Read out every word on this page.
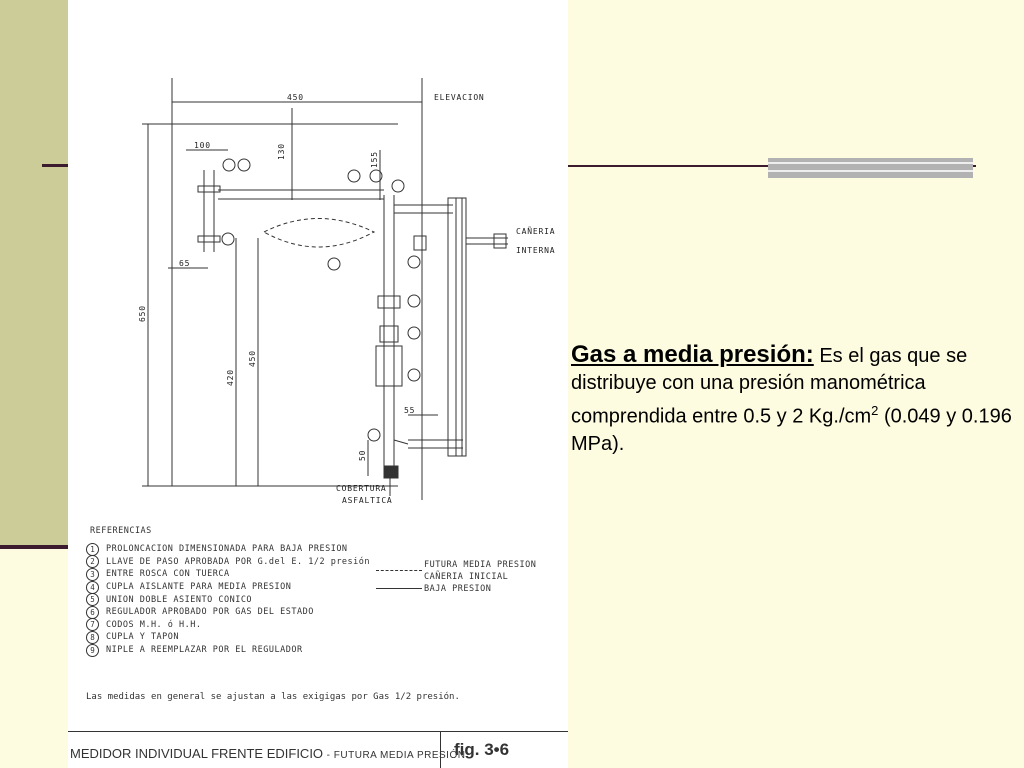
ELEVACION
450
100	130	155
65
650
450
420
55
50
CAÑERIA
INTERNA
COBERTURA
ASFALTICA
REFERENCIAS
1	PROLONCACION DIMENSIONADA PARA BAJA PRESION
2	LLAVE DE PASO APROBADA POR G.del E. 1/2 presión
3	ENTRE ROSCA CON TUERCA
4	CUPLA AISLANTE PARA MEDIA PRESION
5	UNION DOBLE ASIENTO CONICO
6	REGULADOR APROBADO POR GAS DEL ESTADO
7	CODOS M.H. ó H.H.
8	CUPLA Y TAPON
9	NIPLE A REEMPLAZAR POR EL REGULADOR
FUTURA MEDIA PRESION
CAÑERIA INICIAL
BAJA PRESION
Las medidas en general se ajustan a las exigigas por Gas 1/2 presión.
MEDIDOR INDIVIDUAL FRENTE EDIFICIO - FUTURA MEDIA PRESIÓN
fig. 3•6
Gas a media presión: Es el gas que se distribuye con una presión manométrica comprendida entre 0.5 y 2 $Kg./cm^2$ (0.049 y 0.196 MPa).
